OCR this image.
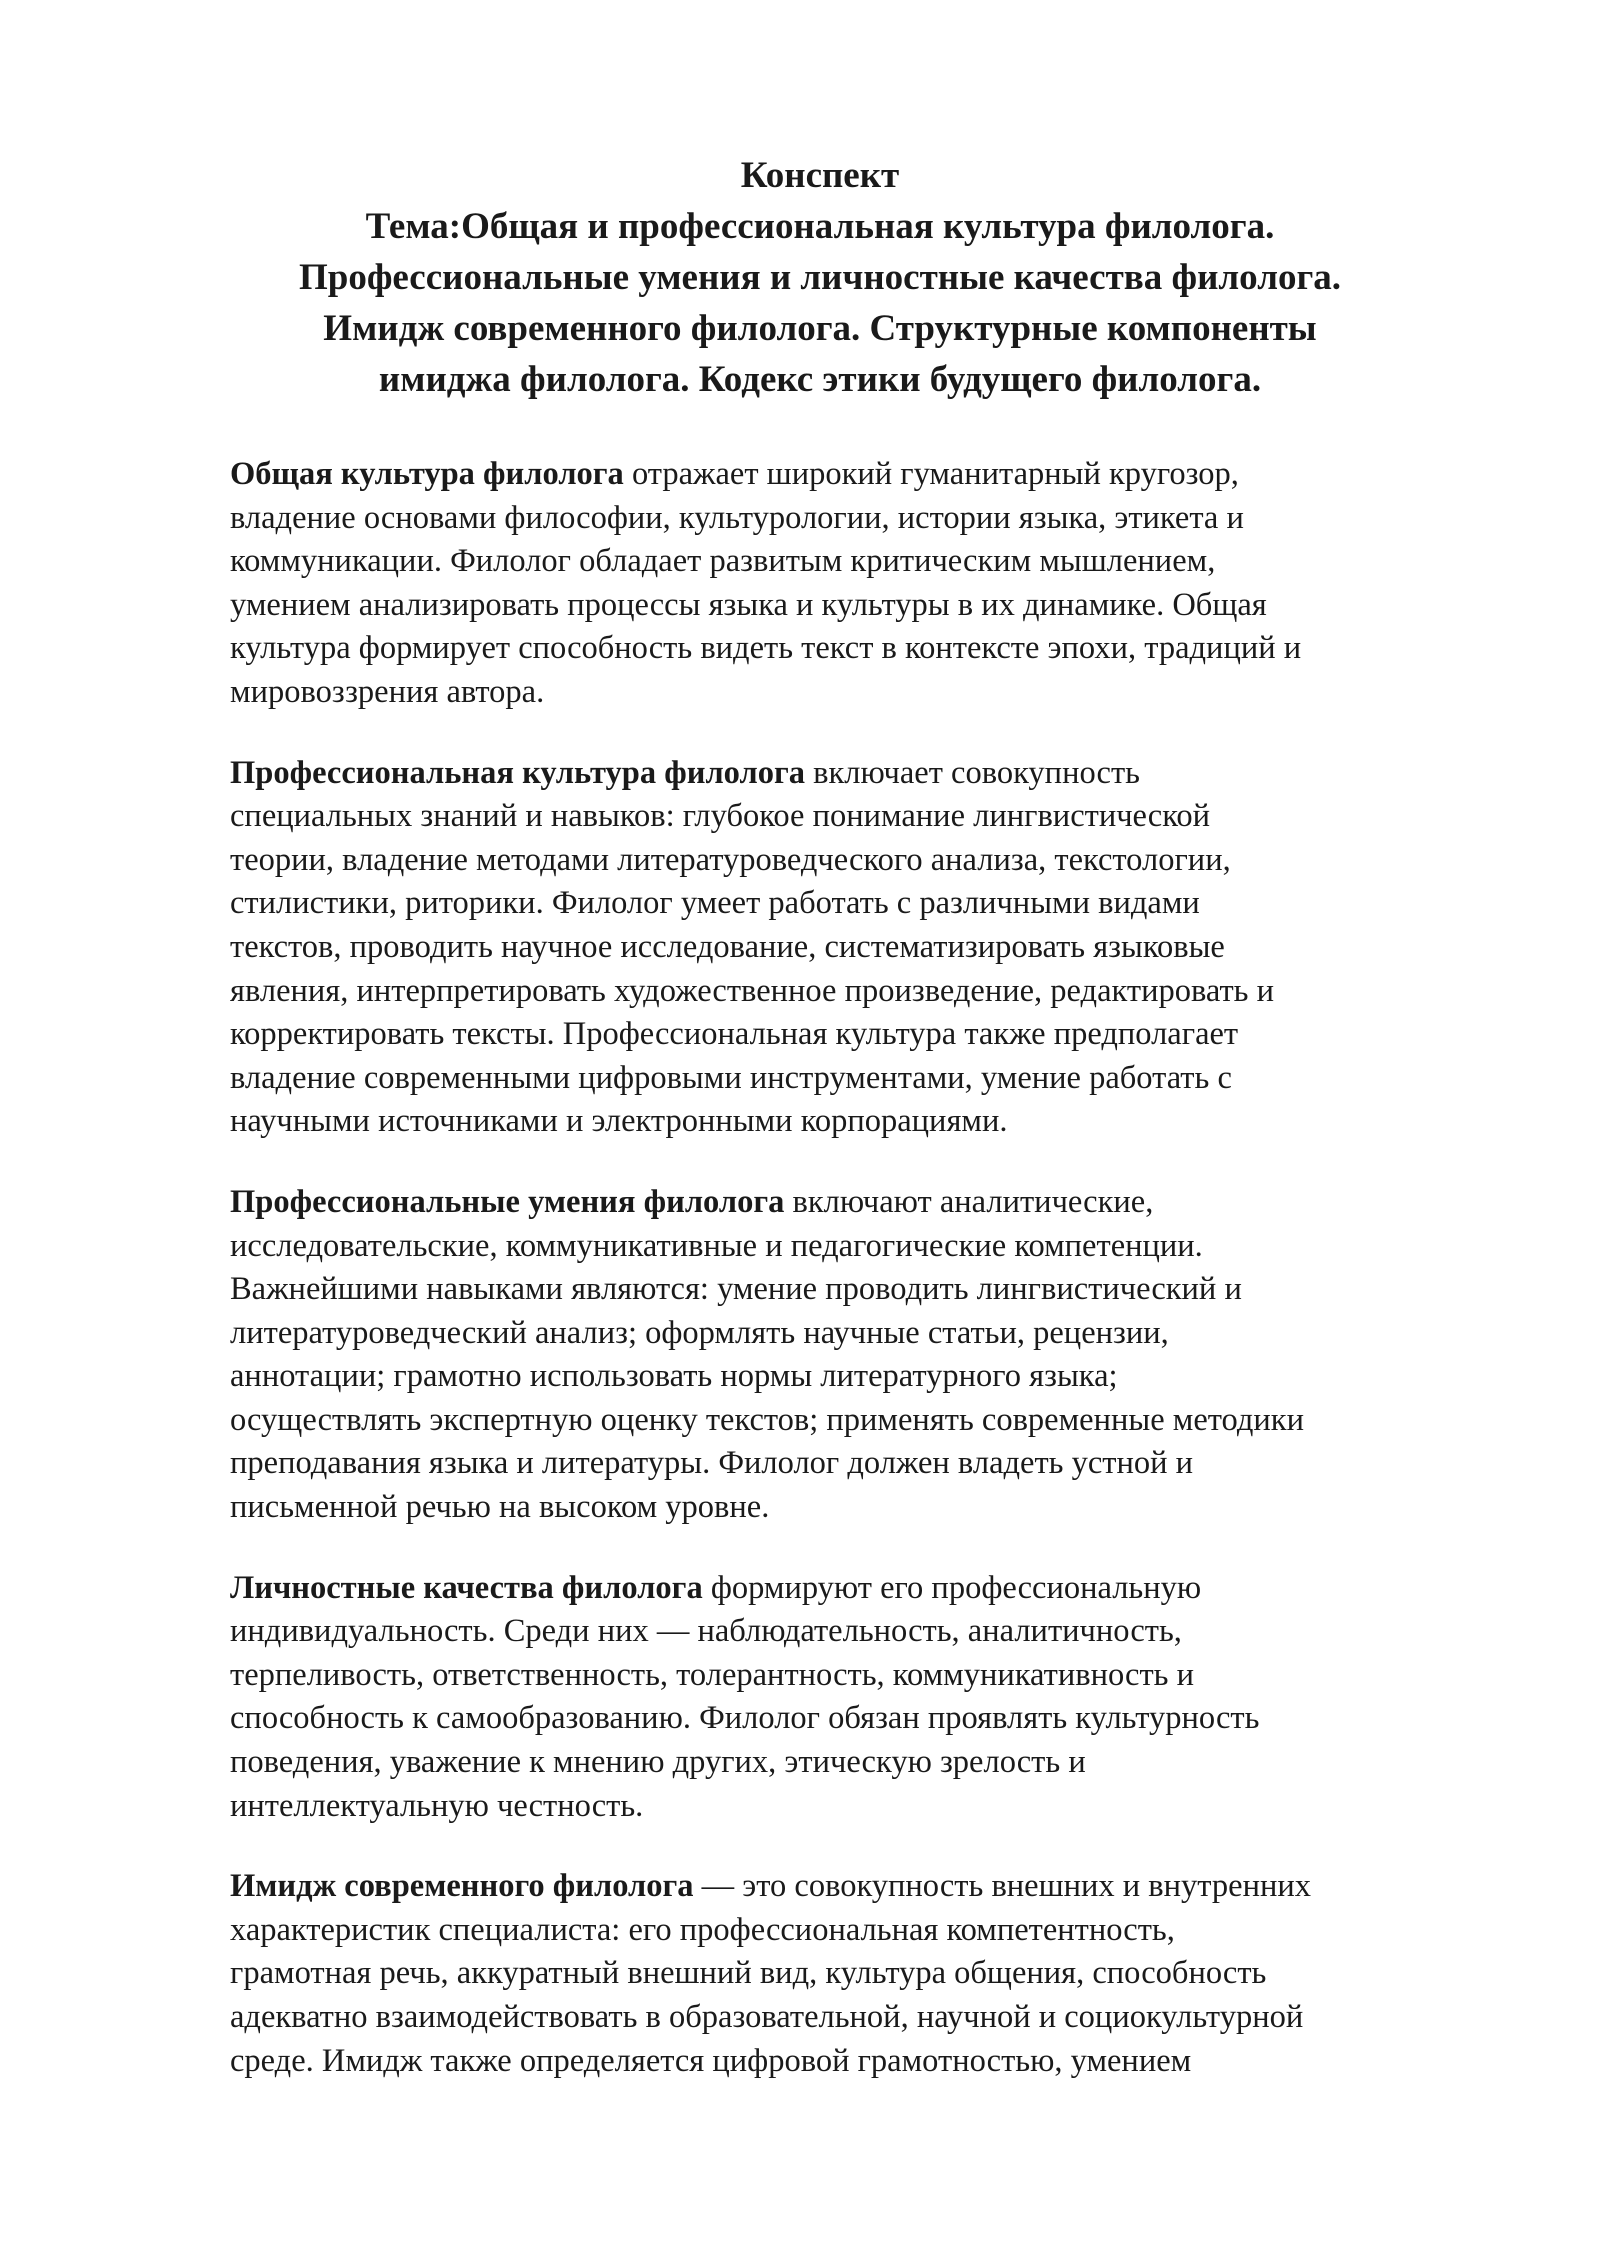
Конспект
Тема:Общая и профессиональная культура филолога.
Профессиональные умения и личностные качества филолога.
Имидж современного филолога. Структурные компоненты
имиджа филолога. Кодекс этики будущего филолога.
Общая культура филолога отражает широкий гуманитарный кругозор,
владение основами философии, культурологии, истории языка, этикета и
коммуникации. Филолог обладает развитым критическим мышлением,
умением анализировать процессы языка и культуры в их динамике. Общая
культура формирует способность видеть текст в контексте эпохи, традиций и
мировоззрения автора.
Профессиональная культура филолога включает совокупность
специальных знаний и навыков: глубокое понимание лингвистической
теории, владение методами литературоведческого анализа, текстологии,
стилистики, риторики. Филолог умеет работать с различными видами
текстов, проводить научное исследование, систематизировать языковые
явления, интерпретировать художественное произведение, редактировать и
корректировать тексты. Профессиональная культура также предполагает
владение современными цифровыми инструментами, умение работать с
научными источниками и электронными корпорациями.
Профессиональные умения филолога включают аналитические,
исследовательские, коммуникативные и педагогические компетенции.
Важнейшими навыками являются: умение проводить лингвистический и
литературоведческий анализ; оформлять научные статьи, рецензии,
аннотации; грамотно использовать нормы литературного языка;
осуществлять экспертную оценку текстов; применять современные методики
преподавания языка и литературы. Филолог должен владеть устной и
письменной речью на высоком уровне.
Личностные качества филолога формируют его профессиональную
индивидуальность. Среди них — наблюдательность, аналитичность,
терпеливость, ответственность, толерантность, коммуникативность и
способность к самообразованию. Филолог обязан проявлять культурность
поведения, уважение к мнению других, этическую зрелость и
интеллектуальную честность.
Имидж современного филолога — это совокупность внешних и внутренних
характеристик специалиста: его профессиональная компетентность,
грамотная речь, аккуратный внешний вид, культура общения, способность
адекватно взаимодействовать в образовательной, научной и социокультурной
среде. Имидж также определяется цифровой грамотностью, умением
